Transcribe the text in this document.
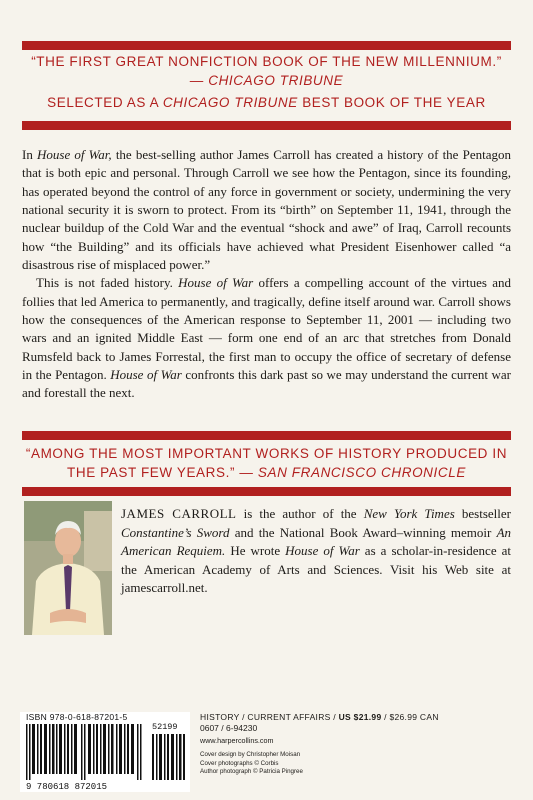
“THE FIRST GREAT NONFICTION BOOK OF THE NEW MILLENNIUM.”
— CHICAGO TRIBUNE
SELECTED AS A CHICAGO TRIBUNE BEST BOOK OF THE YEAR

In House of War, the best-selling author James Carroll has created a history of the Pentagon that is both epic and personal. Through Carroll we see how the Pentagon, since its founding, has operated beyond the control of any force in government or society, undermining the very national security it is sworn to protect. From its “birth” on September 11, 1941, through the nuclear buildup of the Cold War and the eventual “shock and awe” of Iraq, Carroll recounts how “the Building” and its officials have achieved what President Eisenhower called “a disastrous rise of misplaced power.”

This is not faded history. House of War offers a compelling account of the virtues and follies that led America to permanently, and tragically, define itself around war. Carroll shows how the consequences of the American response to September 11, 2001 — including two wars and an ignited Middle East — form one end of an arc that stretches from Donald Rumsfeld back to James Forrestal, the first man to occupy the office of secretary of defense in the Pentagon. House of War confronts this dark past so we may understand the current war and forestall the next.

“AMONG THE MOST IMPORTANT WORKS OF HISTORY PRODUCED IN THE PAST FEW YEARS.” — SAN FRANCISCO CHRONICLE
JAMES CARROLL is the author of the New York Times bestseller Constantine’s Sword and the National Book Award–winning memoir An American Requiem. He wrote House of War as a scholar-in-residence at the American Academy of Arts and Sciences. Visit his Web site at jamescarroll.net.
ISBN 978-0-618-87201-5
52199
9 780618 872015
HISTORY / CURRENT AFFAIRS / US $21.99 / $26.99 CAN
0607 / 6-94230
www.harpercollins.com
Cover design by Christopher Moisan
Cover photographs © Corbis
Author photograph © Patricia Pingree
